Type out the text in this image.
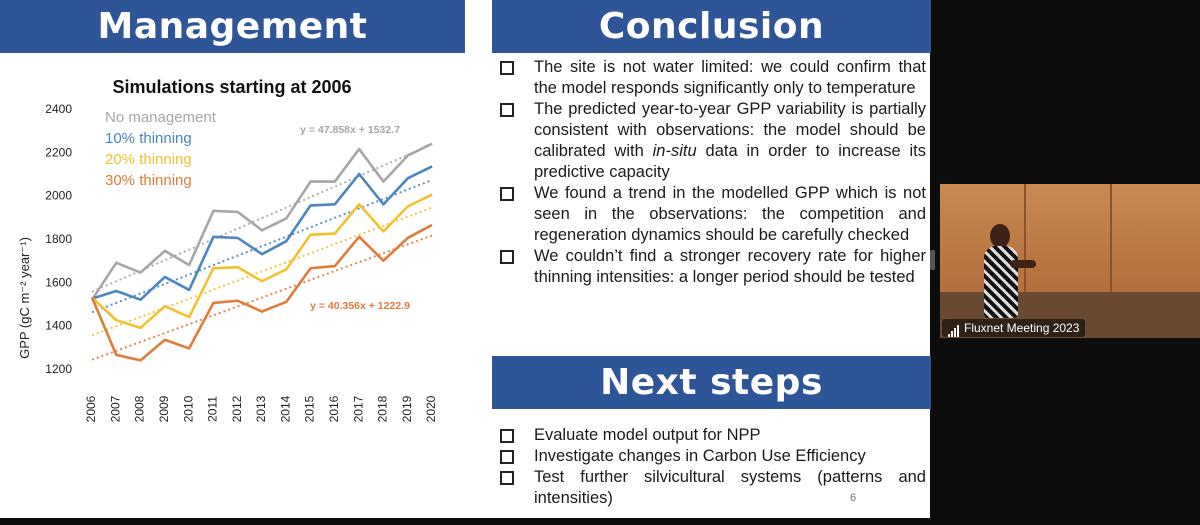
Management
Simulations starting at 2006
GPP (gC m⁻² year⁻¹)
1200
1400
1600
1800
2000
2200
2400
2006 2007 2008 2009 2010 2011 2012 2013 2014 2015 2016 2017 2018 2019 2020
No management
10% thinning
20% thinning
30% thinning
y = 47.858x + 1532.7
y = 40.356x + 1222.9
Conclusion
The site is not water limited: we could confirm that the model responds significantly only to temperature
The predicted year-to-year GPP variability is partially consistent with observations: the model should be calibrated with in-situ data in order to increase its predictive capacity
We found a trend in the modelled GPP which is not seen in the observations: the competition and regeneration dynamics should be carefully checked
We couldn’t find a stronger recovery rate for higher thinning intensities: a longer period should be tested
Next steps
Evaluate model output for NPP
Investigate changes in Carbon Use Efficiency
Test further silvicultural systems (patterns and intensities)	6
Fluxnet Meeting 2023
